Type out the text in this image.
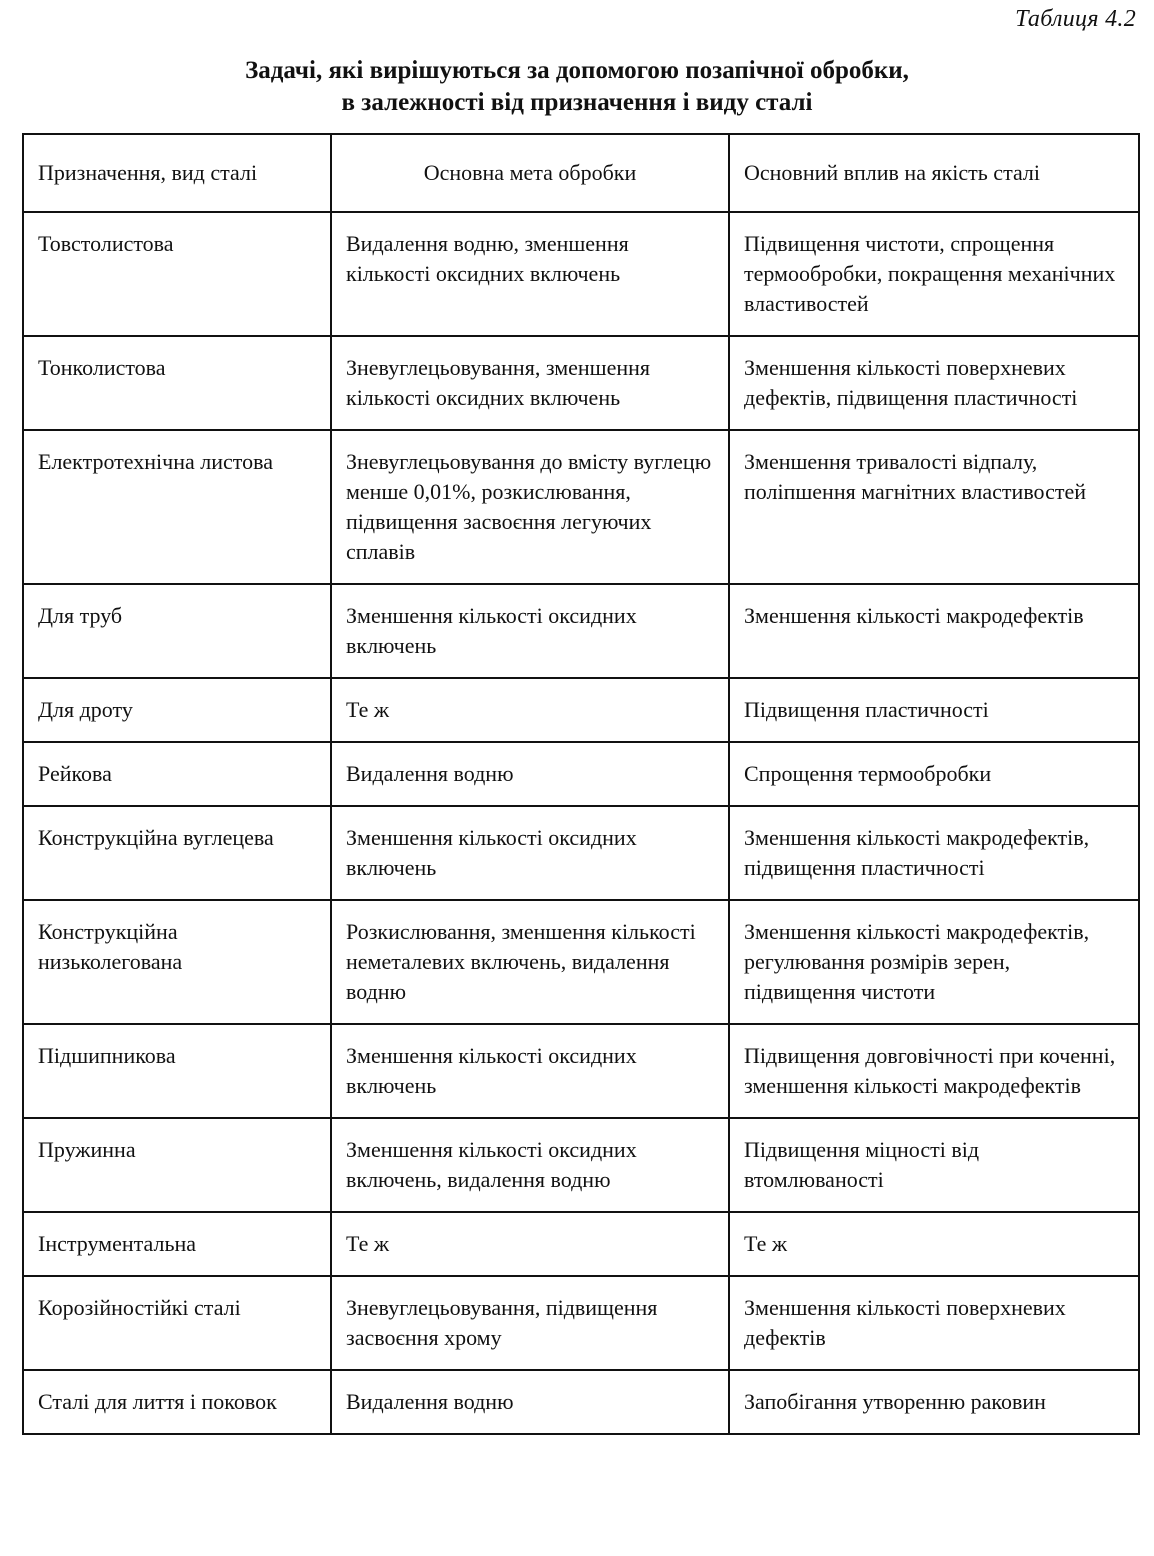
Таблиця 4.2
Задачі, які вирішуються за допомогою позапічної обробки,
в залежності від призначення і виду сталі
Призначення, вид сталі	Основна мета обробки	Основний вплив на якість сталі
Товстолистова	Видалення водню, зменшення кількості оксидних включень	Підвищення чистоти, спрощення термообробки, покращення механічних властивостей
Тонколистова	Зневуглецьовування, зменшення кількості оксидних включень	Зменшення кількості поверхневих дефектів, підвищення пластичності
Електротехнічна листова	Зневуглецьовування до вмісту вуглецю менше 0,01%, розкислювання, підвищення засвоєння легуючих сплавів	Зменшення тривалості відпалу, поліпшення магнітних властивостей
Для труб	Зменшення кількості оксидних включень	Зменшення кількості макродефектів
Для дроту	Те ж	Підвищення пластичності
Рейкова	Видалення водню	Спрощення термообробки
Конструкційна вуглецева	Зменшення кількості оксидних включень	Зменшення кількості макродефектів, підвищення пластичності
Конструкційна низьколегована	Розкислювання, зменшення кількості неметалевих включень, видалення водню	Зменшення кількості макродефектів, регулювання розмірів зерен, підвищення чистоти
Підшипникова	Зменшення кількості оксидних включень	Підвищення довговічності при коченні, зменшення кількості макродефектів
Пружинна	Зменшення кількості оксидних включень, видалення водню	Підвищення міцності від втомлюваності
Інструментальна	Те ж	Те ж
Корозійностійкі сталі	Зневуглецьовування, підвищення засвоєння хрому	Зменшення кількості поверхневих дефектів
Сталі для лиття і поковок	Видалення водню	Запобігання утворенню раковин
